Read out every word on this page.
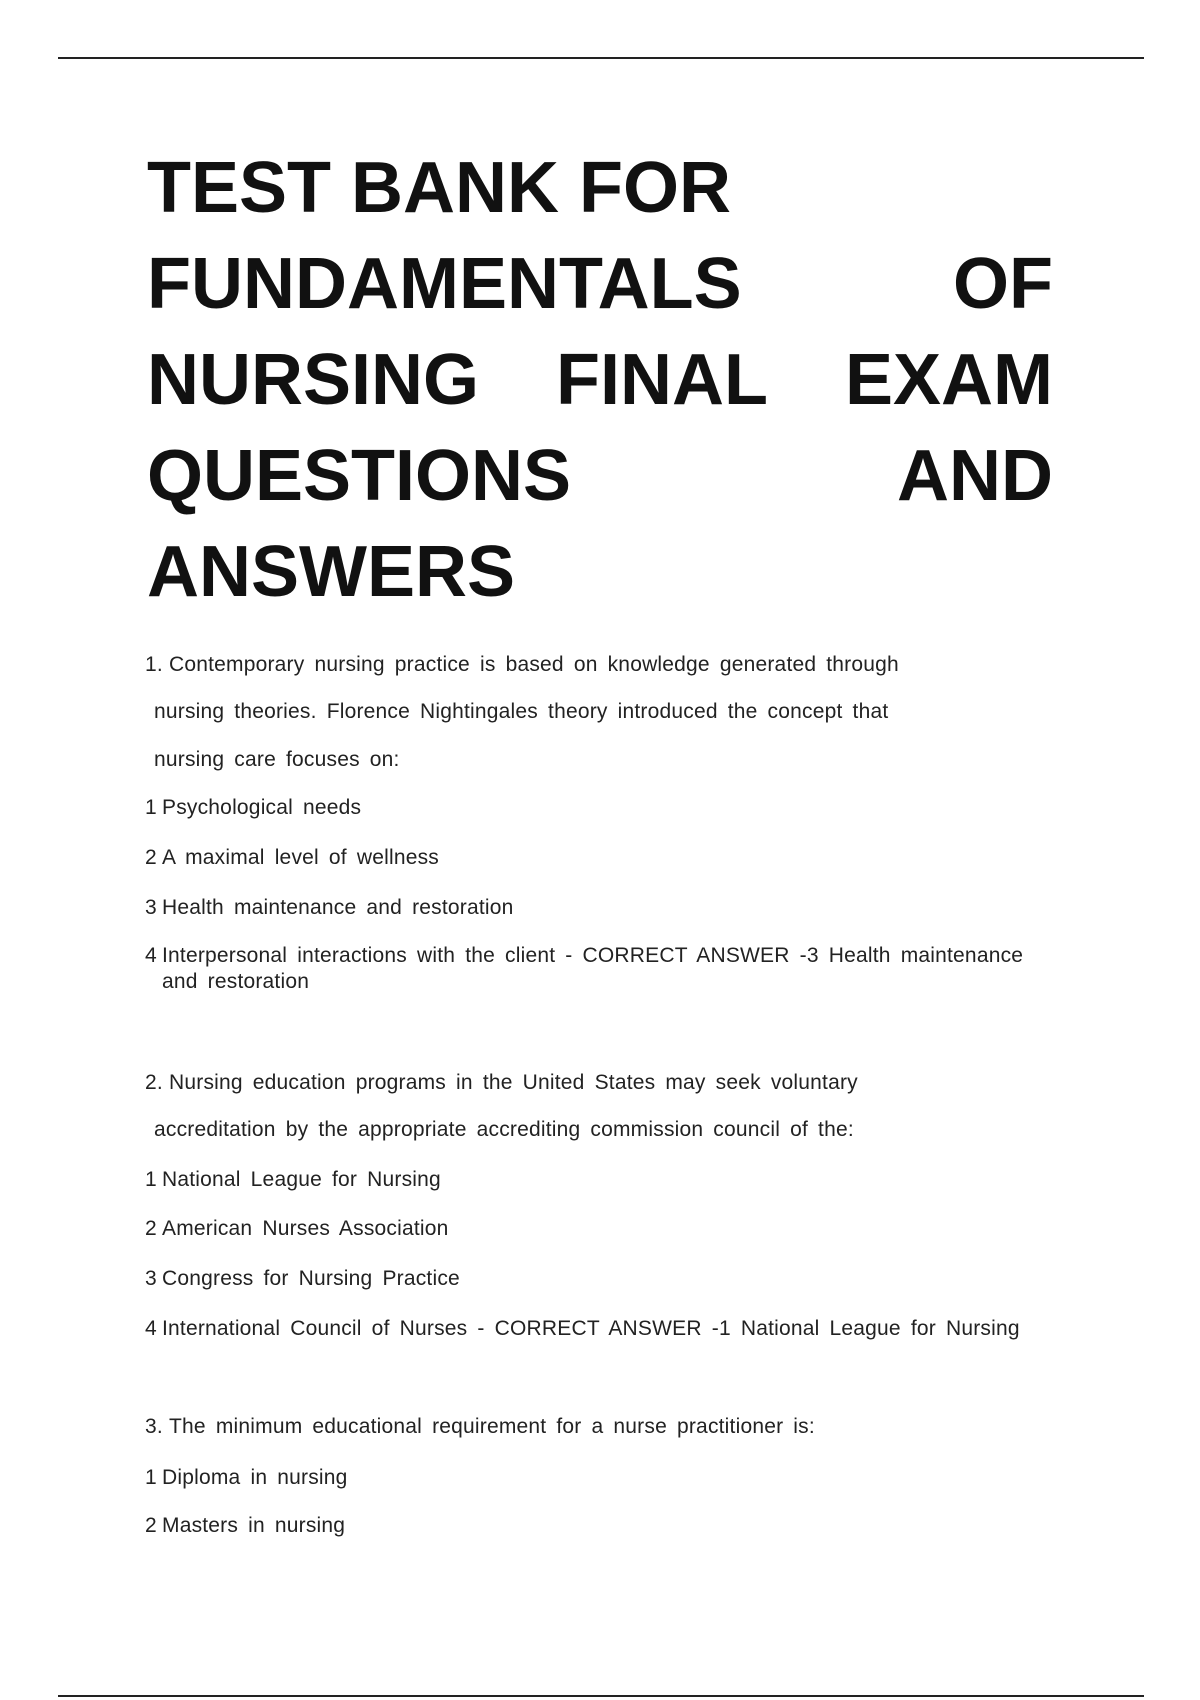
TEST BANK FOR
FUNDAMENTALS	OF
NURSING FINAL EXAM
QUESTIONS	AND
ANSWERS
1. Contemporary nursing practice is based on knowledge generated through
nursing theories. Florence Nightingales theory introduced the concept that
nursing care focuses on:
1 Psychological needs
2 A maximal level of wellness
3 Health maintenance and restoration
4 Interpersonal interactions with the client - CORRECT ANSWER -3 Health maintenance
and restoration
2. Nursing education programs in the United States may seek voluntary
accreditation by the appropriate accrediting commission council of the:
1 National League for Nursing
2 American Nurses Association
3 Congress for Nursing Practice
4 International Council of Nurses - CORRECT ANSWER -1 National League for Nursing
3. The minimum educational requirement for a nurse practitioner is:
1 Diploma in nursing
2 Masters in nursing
